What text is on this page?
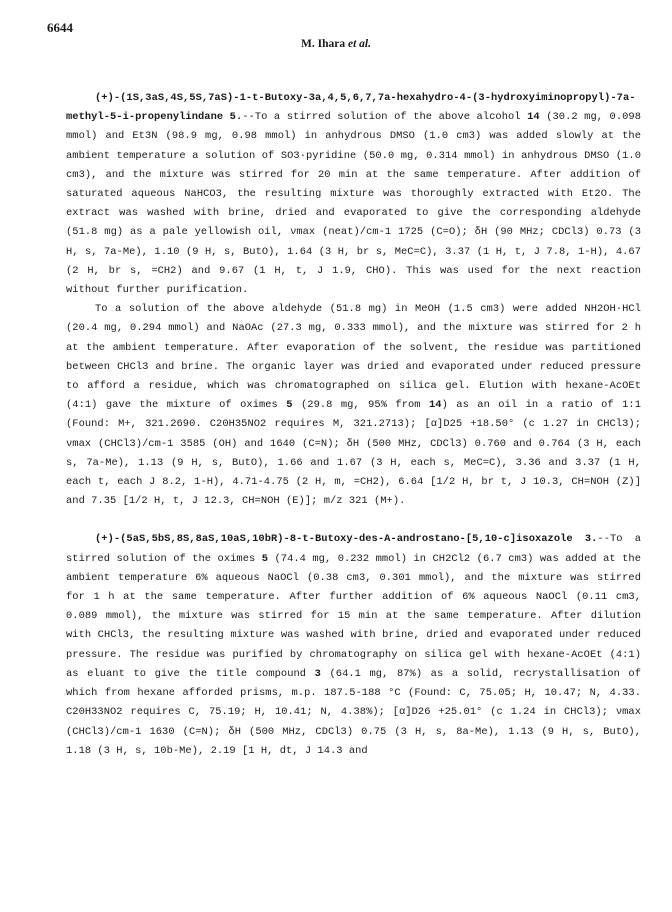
6644
M. Ihara et al.

(+)-(1S,3aS,4S,5S,7aS)-1-t-Butoxy-3a,4,5,6,7,7a-hexahydro-4-(3-hydroxyiminopropyl)-7a-methyl-5-i-propenylindane 5.--To a stirred solution of the above alcohol 14 (30.2 mg, 0.098 mmol) and Et3N (98.9 mg, 0.98 mmol) in anhydrous DMSO (1.0 cm3) was added slowly at the ambient temperature a solution of SO3·pyridine (50.0 mg, 0.314 mmol) in anhydrous DMSO (1.0 cm3), and the mixture was stirred for 20 min at the same temperature. After addition of saturated aqueous NaHCO3, the resulting mixture was thoroughly extracted with Et2O. The extract was washed with brine, dried and evaporated to give the corresponding aldehyde (51.8 mg) as a pale yellowish oil, νmax (neat)/cm-1 1725 (C=O); δH (90 MHz; CDCl3) 0.73 (3 H, s, 7a-Me), 1.10 (9 H, s, ButO), 1.64 (3 H, br s, MeC=C), 3.37 (1 H, t, J 7.8, 1-H), 4.67 (2 H, br s, =CH2) and 9.67 (1 H, t, J 1.9, CHO). This was used for the next reaction without further purification.

To a solution of the above aldehyde (51.8 mg) in MeOH (1.5 cm3) were added NH2OH·HCl (20.4 mg, 0.294 mmol) and NaOAc (27.3 mg, 0.333 mmol), and the mixture was stirred for 2 h at the ambient temperature. After evaporation of the solvent, the residue was partitioned between CHCl3 and brine. The organic layer was dried and evaporated under reduced pressure to afford a residue, which was chromatographed on silica gel. Elution with hexane-AcOEt (4:1) gave the mixture of oximes 5 (29.8 mg, 95% from 14) as an oil in a ratio of 1:1 (Found: M+, 321.2690. C20H35NO2 requires M, 321.2713); [α]D25 +18.50° (c 1.27 in CHCl3); νmax (CHCl3)/cm-1 3585 (OH) and 1640 (C=N); δH (500 MHz, CDCl3) 0.760 and 0.764 (3 H, each s, 7a-Me), 1.13 (9 H, s, ButO), 1.66 and 1.67 (3 H, each s, MeC=C), 3.36 and 3.37 (1 H, each t, each J 8.2, 1-H), 4.71-4.75 (2 H, m, =CH2), 6.64 [1/2 H, br t, J 10.3, CH=NOH (Z)] and 7.35 [1/2 H, t, J 12.3, CH=NOH (E)]; m/z 321 (M+).

(+)-(5aS,5bS,8S,8aS,10aS,10bR)-8-t-Butoxy-des-A-androstano-[5,10-c]isoxazole 3.--To a stirred solution of the oximes 5 (74.4 mg, 0.232 mmol) in CH2Cl2 (6.7 cm3) was added at the ambient temperature 6% aqueous NaOCl (0.38 cm3, 0.301 mmol), and the mixture was stirred for 1 h at the same temperature. After further addition of 6% aqueous NaOCl (0.11 cm3, 0.089 mmol), the mixture was stirred for 15 min at the same temperature. After dilution with CHCl3, the resulting mixture was washed with brine, dried and evaporated under reduced pressure. The residue was purified by chromatography on silica gel with hexane-AcOEt (4:1) as eluant to give the title compound 3 (64.1 mg, 87%) as a solid, recrystallisation of which from hexane afforded prisms, m.p. 187.5-188 °C (Found: C, 75.05; H, 10.47; N, 4.33. C20H33NO2 requires C, 75.19; H, 10.41; N, 4.38%); [α]D26 +25.01° (c 1.24 in CHCl3); νmax (CHCl3)/cm-1 1630 (C=N); δH (500 MHz, CDCl3) 0.75 (3 H, s, 8a-Me), 1.13 (9 H, s, ButO), 1.18 (3 H, s, 10b-Me), 2.19 [1 H, dt, J 14.3 and
